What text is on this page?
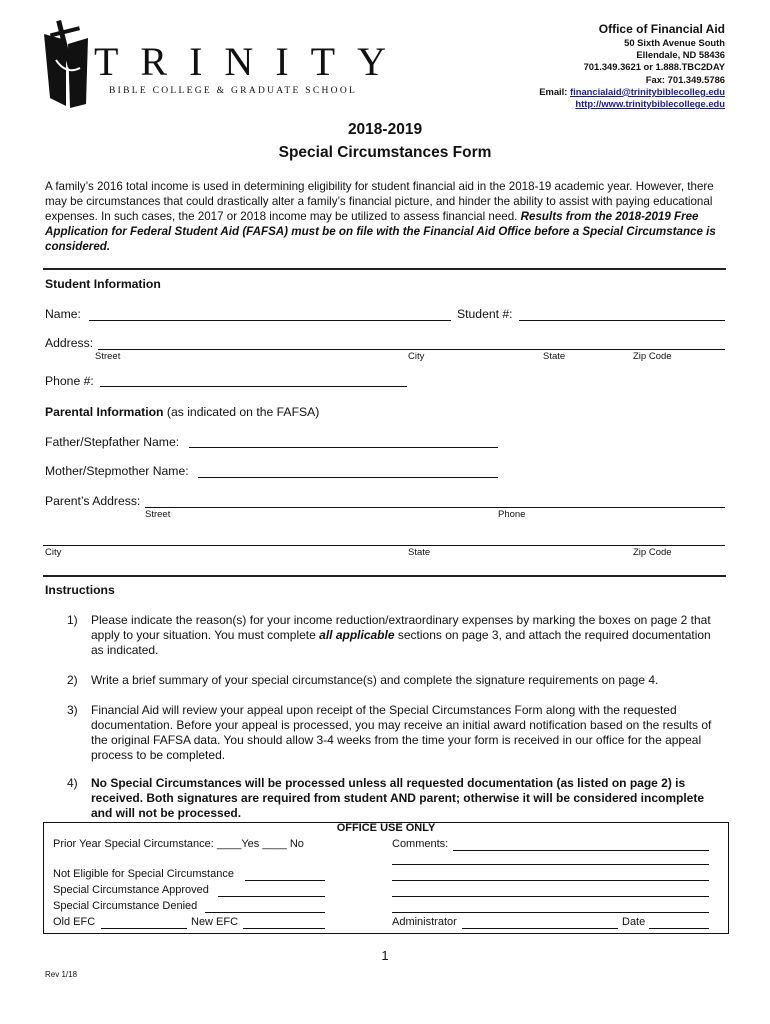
TRINITY
BIBLE COLLEGE & GRADUATE SCHOOL
Office of Financial Aid
50 Sixth Avenue South
Ellendale, ND 58436
701.349.3621 or 1.888.TBC2DAY
Fax: 701.349.5786
Email: financialaid@trinitybiblecolleg.edu
http://www.trinitybiblecollege.edu
2018-2019
Special Circumstances Form
A family’s 2016 total income is used in determining eligibility for student financial aid in the 2018-19 academic year. However, there may be circumstances that could drastically alter a family’s financial picture, and hinder the ability to assist with paying educational expenses. In such cases, the 2017 or 2018 income may be utilized to assess financial need. Results from the 2018-2019 Free Application for Federal Student Aid (FAFSA) must be on file with the Financial Aid Office before a Special Circumstance is considered.
Student Information
Name:	Student #:
Address:
Street	City	State	Zip Code
Phone #:
Parental Information (as indicated on the FAFSA)
Father/Stepfather Name:
Mother/Stepmother Name:
Parent’s Address:
Street	Phone
City	State	Zip Code
Instructions
1) Please indicate the reason(s) for your income reduction/extraordinary expenses by marking the boxes on page 2 that apply to your situation. You must complete all applicable sections on page 3, and attach the required documentation as indicated.
2) Write a brief summary of your special circumstance(s) and complete the signature requirements on page 4.
3) Financial Aid will review your appeal upon receipt of the Special Circumstances Form along with the requested documentation. Before your appeal is processed, you may receive an initial award notification based on the results of the original FAFSA data. You should allow 3-4 weeks from the time your form is received in our office for the appeal process to be completed.
4) No Special Circumstances will be processed unless all requested documentation (as listed on page 2) is received. Both signatures are required from student AND parent; otherwise it will be considered incomplete and will not be processed.
OFFICE USE ONLY
Prior Year Special Circumstance: ____Yes ____ No	Comments:
Not Eligible for Special Circumstance
Special Circumstance Approved
Special Circumstance Denied
Old EFC	New EFC	Administrator	Date
1
Rev 1/18
